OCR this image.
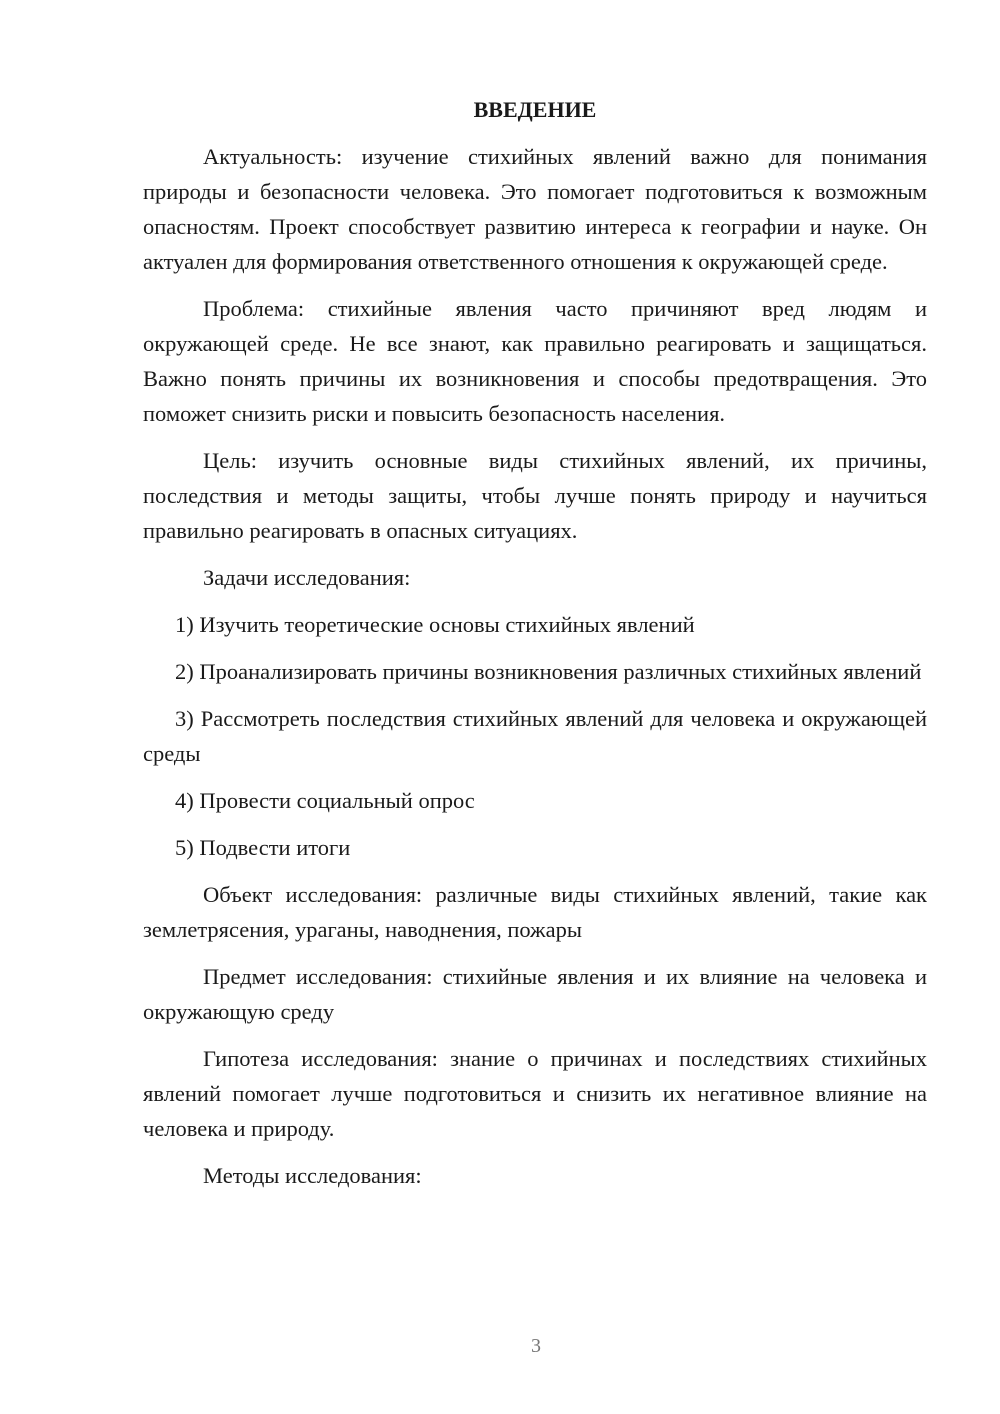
ВВЕДЕНИЕ
Актуальность: изучение стихийных явлений важно для понимания природы и безопасности человека. Это помогает подготовиться к возможным опасностям. Проект способствует развитию интереса к географии и науке. Он актуален для формирования ответственного отношения к окружающей среде.
Проблема: стихийные явления часто причиняют вред людям и окружающей среде. Не все знают, как правильно реагировать и защищаться. Важно понять причины их возникновения и способы предотвращения. Это поможет снизить риски и повысить безопасность населения.
Цель: изучить основные виды стихийных явлений, их причины, последствия и методы защиты, чтобы лучше понять природу и научиться правильно реагировать в опасных ситуациях.
Задачи исследования:
1) Изучить теоретические основы стихийных явлений
2) Проанализировать причины возникновения различных стихийных явлений
3) Рассмотреть последствия стихийных явлений для человека и окружающей среды
4) Провести социальный опрос
5) Подвести итоги
Объект исследования: различные виды стихийных явлений, такие как землетрясения, ураганы, наводнения, пожары
Предмет исследования: стихийные явления и их влияние на человека и окружающую среду
Гипотеза исследования: знание о причинах и последствиях стихийных явлений помогает лучше подготовиться и снизить их негативное влияние на человека и природу.
Методы исследования:
3
